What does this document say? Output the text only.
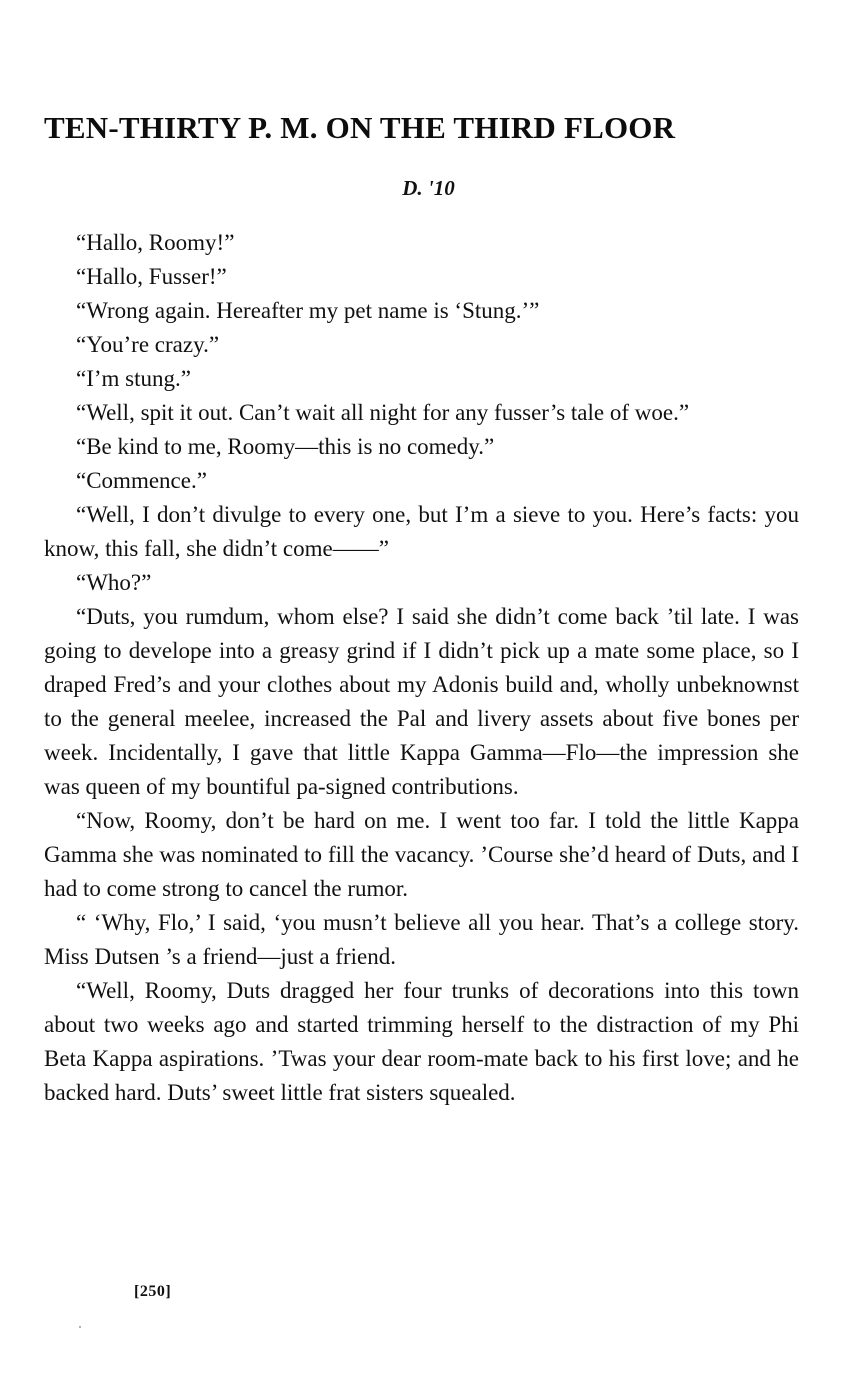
TEN-THIRTY P. M. ON THE THIRD FLOOR
D. '10

“Hallo, Roomy!”

“Hallo, Fusser!”

“Wrong again. Hereafter my pet name is ‘Stung.’”

“You’re crazy.”

“I’m stung.”

“Well, spit it out. Can’t wait all night for any fusser’s tale of woe.”

“Be kind to me, Roomy—this is no comedy.”

“Commence.”

“Well, I don’t divulge to every one, but I’m a sieve to you. Here’s facts: you know, this fall, she didn’t come——”

“Who?”

“Duts, you rumdum, whom else? I said she didn’t come back ’til late. I was going to develope into a greasy grind if I didn’t pick up a mate some place, so I draped Fred’s and your clothes about my Adonis build and, wholly unbeknownst to the general meelee, increased the Pal and livery assets about five bones per week. Incidentally, I gave that little Kappa Gamma—Flo—the impression she was queen of my bountiful pa-signed contributions.

“Now, Roomy, don’t be hard on me. I went too far. I told the little Kappa Gamma she was nominated to fill the vacancy. ’Course she’d heard of Duts, and I had to come strong to cancel the rumor.

“ ‘Why, Flo,’ I said, ‘you musn’t believe all you hear. That’s a college story. Miss Dutsen ’s a friend—just a friend.

“Well, Roomy, Duts dragged her four trunks of decorations into this town about two weeks ago and started trimming herself to the distraction of my Phi Beta Kappa aspirations. ’Twas your dear room-mate back to his first love; and he backed hard. Duts’ sweet little frat sisters squealed.

[250]
